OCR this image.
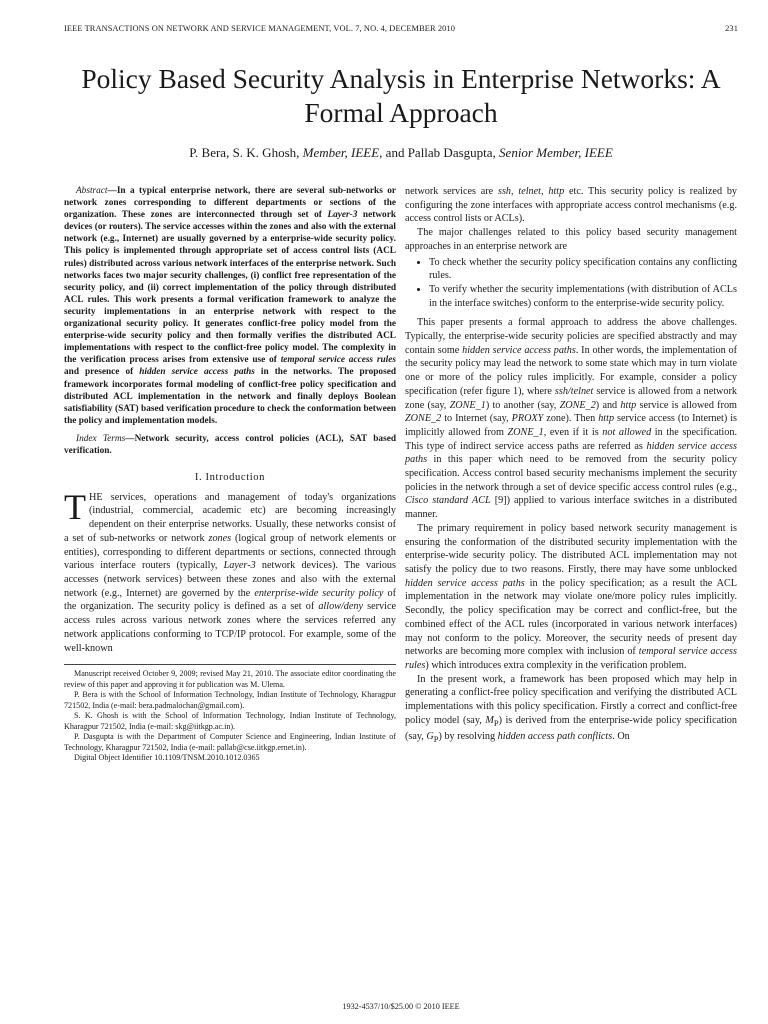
IEEE TRANSACTIONS ON NETWORK AND SERVICE MANAGEMENT, VOL. 7, NO. 4, DECEMBER 2010	231
Policy Based Security Analysis in Enterprise Networks: A Formal Approach
P. Bera, S. K. Ghosh, Member, IEEE, and Pallab Dasgupta, Senior Member, IEEE

Abstract—In a typical enterprise network, there are several sub-networks or network zones corresponding to different departments or sections of the organization. These zones are interconnected through set of Layer-3 network devices (or routers). The service accesses within the zones and also with the external network (e.g., Internet) are usually governed by a enterprise-wide security policy. This policy is implemented through appropriate set of access control lists (ACL rules) distributed across various network interfaces of the enterprise network. Such networks faces two major security challenges, (i) conflict free representation of the security policy, and (ii) correct implementation of the policy through distributed ACL rules. This work presents a formal verification framework to analyze the security implementations in an enterprise network with respect to the organizational security policy. It generates conflict-free policy model from the enterprise-wide security policy and then formally verifies the distributed ACL implementations with respect to the conflict-free policy model. The complexity in the verification process arises from extensive use of temporal service access rules and presence of hidden service access paths in the networks. The proposed framework incorporates formal modeling of conflict-free policy specification and distributed ACL implementation in the network and finally deploys Boolean satisfiability (SAT) based verification procedure to check the conformation between the policy and implementation models.

Index Terms—Network security, access control policies (ACL), SAT based verification.

I. Introduction

THE services, operations and management of today's organizations (industrial, commercial, academic etc) are becoming increasingly dependent on their enterprise networks. Usually, these networks consist of a set of sub-networks or network zones (logical group of network elements or entities), corresponding to different departments or sections, connected through various interface routers (typically, Layer-3 network devices). The various accesses (network services) between these zones and also with the external network (e.g., Internet) are governed by the enterprise-wide security policy of the organization. The security policy is defined as a set of allow/deny service access rules across various network zones where the services referred any network applications conforming to TCP/IP protocol. For example, some of the well-known

Manuscript received October 9, 2009; revised May 21, 2010. The associate editor coordinating the review of this paper and approving it for publication was M. Ulema.

P. Bera is with the School of Information Technology, Indian Institute of Technology, Kharagpur 721502, India (e-mail: bera.padmalochan@gmail.com).

S. K. Ghosh is with the School of Information Technology, Indian Institute of Technology, Kharagpur 721502, India (e-mail: skg@iitkgp.ac.in).

P. Dasgupta is with the Department of Computer Science and Engineering, Indian Institute of Technology, Kharagpur 721502, India (e-mail: pallab@cse.iitkgp.ernet.in).

Digital Object Identifier 10.1109/TNSM.2010.1012.0365

network services are ssh, telnet, http etc. This security policy is realized by configuring the zone interfaces with appropriate access control mechanisms (e.g. access control lists or ACLs).

The major challenges related to this policy based security management approaches in an enterprise network are

• To check whether the security policy specification contains any conflicting rules.
• To verify whether the security implementations (with distribution of ACLs in the interface switches) conform to the enterprise-wide security policy.

This paper presents a formal approach to address the above challenges. Typically, the enterprise-wide security policies are specified abstractly and may contain some hidden service access paths. In other words, the implementation of the security policy may lead the network to some state which may in turn violate one or more of the policy rules implicitly. For example, consider a policy specification (refer figure 1), where ssh/telnet service is allowed from a network zone (say, ZONE_1) to another (say, ZONE_2) and http service is allowed from ZONE_2 to Internet (say, PROXY zone). Then http service access (to Internet) is implicitly allowed from ZONE_1, even if it is not allowed in the specification. This type of indirect service access paths are referred as hidden service access paths in this paper which need to be removed from the security policy specification. Access control based security mechanisms implement the security policies in the network through a set of device specific access control rules (e.g., Cisco standard ACL [9]) applied to various interface switches in a distributed manner.

The primary requirement in policy based network security management is ensuring the conformation of the distributed security implementation with the enterprise-wide security policy. The distributed ACL implementation may not satisfy the policy due to two reasons. Firstly, there may have some unblocked hidden service access paths in the policy specification; as a result the ACL implementation in the network may violate one/more policy rules implicitly. Secondly, the policy specification may be correct and conflict-free, but the combined effect of the ACL rules (incorporated in various network interfaces) may not conform to the policy. Moreover, the security needs of present day networks are becoming more complex with inclusion of temporal service access rules) which introduces extra complexity in the verification problem.

In the present work, a framework has been proposed which may help in generating a conflict-free policy specification and verifying the distributed ACL implementations with this policy specification. Firstly a correct and conflict-free policy model (say, $M_P$) is derived from the enterprise-wide policy specification (say, $G_P$) by resolving hidden access path conflicts. On

1932-4537/10/$25.00 © 2010 IEEE
